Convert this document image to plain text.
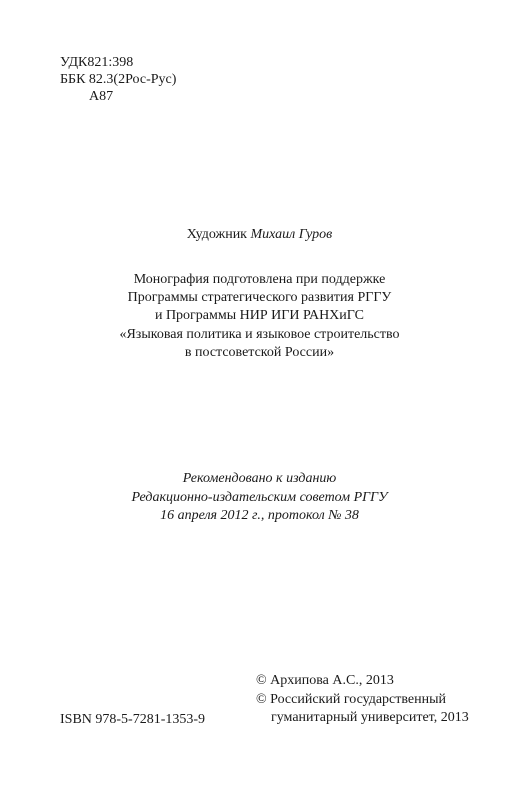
УДК821:398
ББК 82.3(2Рос-Рус)
А87
Художник Михаил Гуров
Монография подготовлена при поддержке
Программы стратегического развития РГГУ
и Программы НИР ИГИ РАНХиГС
«Языковая политика и языковое строительство
в постсоветской России»
Рекомендовано к изданию
Редакционно-издательским советом РГГУ
16 апреля 2012 г., протокол № 38
ISBN 978-5-7281-1353-9
© Архипова А.С., 2013
© Российский государственный
гуманитарный университет, 2013
